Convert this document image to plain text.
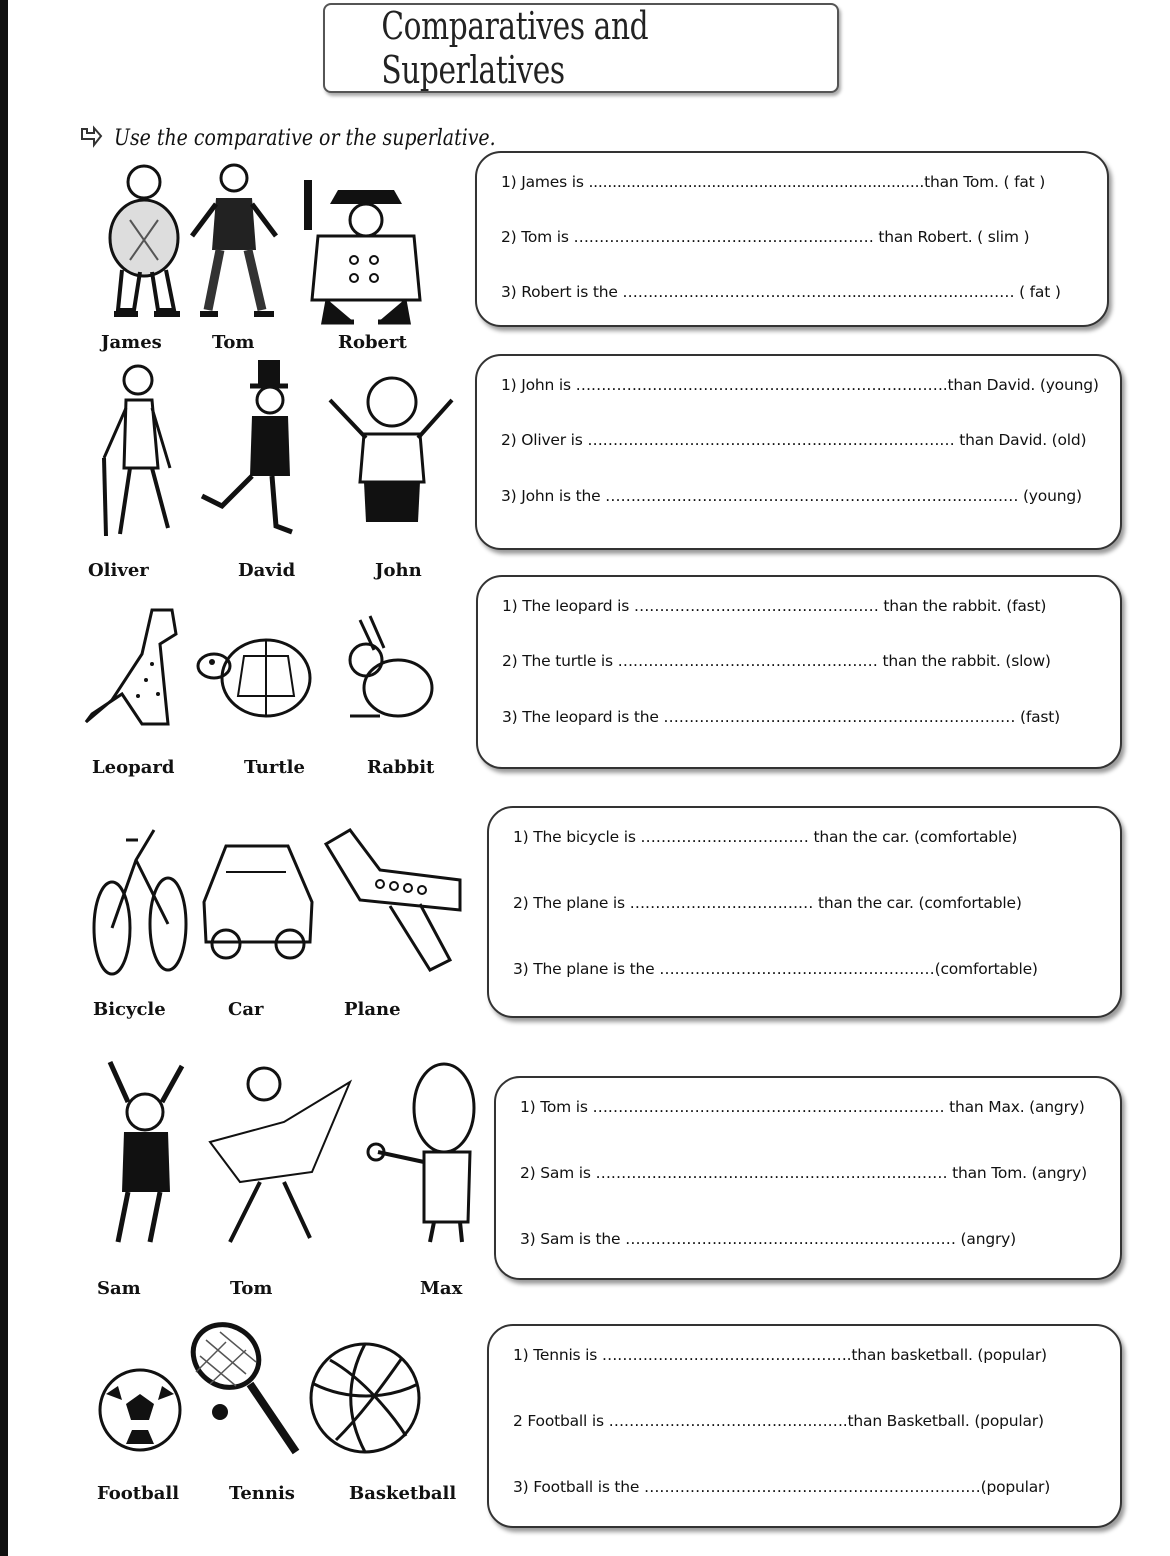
Comparatives and Superlatives
Use the comparative or the superlative.
James	Tom	Robert
1) James is .......................................................................than Tom. ( fat )
2) Tom is …………………………………………..……… than Robert. ( slim )
3) Robert is the ………………………………………..………………………… ( fat )
Oliver	David	John
1) John is ……………………………………………………………….than David. (young)
2) Oliver is ……………………………………………………………… than David. (old)
3) John is the ……………………………………………………………………… (young)
Leopard	Turtle	Rabbit
1) The leopard is ………………………………………… than the rabbit. (fast)
2) The turtle is …………………………………………… than the rabbit. (slow)
3) The leopard is the …………………………………………………………… (fast)
Bicycle	Car	Plane
1) The bicycle is …………………………… than the car. (comfortable)
2) The plane is ……………………………… than the car. (comfortable)
3) The plane is the ………………………………………………(comfortable)
Sam	Tom	Max
1) Tom is …………………………………………………………… than Max. (angry)
2) Sam is …………………………………………………………… than Tom. (angry)
3) Sam is the ………………………………………..……………… (angry)
Football	Tennis	Basketball
1) Tennis is ………………………………………….than basketball. (popular)
2 Football is ………………………………….…….than Basketball. (popular)
3) Football is the …………………………………………………………(popular)
